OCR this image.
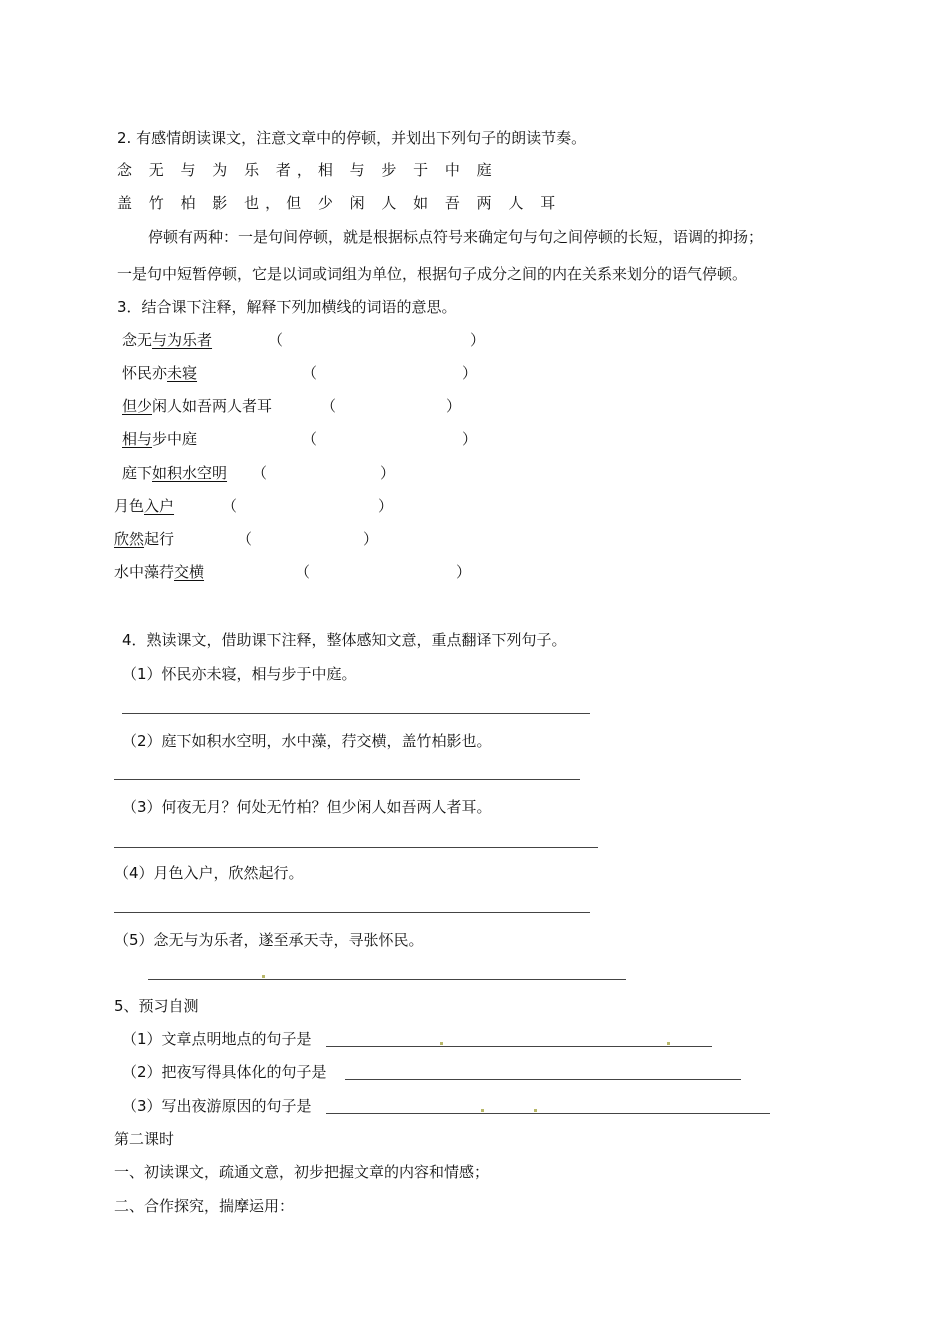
2. 有感情朗读课文，注意文章中的停顿，并划出下列句子的朗读节奏。
念 无 与 为 乐 者，相 与 步 于 中 庭
盖 竹 柏 影 也，但 少 闲 人 如 吾 两 人 耳
停顿有两种：一是句间停顿，就是根据标点符号来确定句与句之间停顿的长短，语调的抑扬；
一是句中短暂停顿，它是以词或词组为单位，根据句子成分之间的内在关系来划分的语气停顿。
3．结合课下注释，解释下列加横线的词语的意思。
念无与为乐者	（	）
怀民亦未寝	（	）
但少闲人如吾两人者耳	（	）
相与步中庭	（	）
庭下如积水空明 （	）
月色入户	（	）
欣然起行	（	）
水中藻荇交横	（	）
4．熟读课文，借助课下注释，整体感知文意，重点翻译下列句子。
（1）怀民亦未寝，相与步于中庭。
（2）庭下如积水空明，水中藻，荇交横，盖竹柏影也。
（3）何夜无月？何处无竹柏？但少闲人如吾两人者耳。
（4）月色入户，欣然起行。
（5）念无与为乐者，遂至承天寺，寻张怀民。
5、预习自测
（1）文章点明地点的句子是
（2）把夜写得具体化的句子是
（3）写出夜游原因的句子是
第二课时
一、初读课文，疏通文意，初步把握文章的内容和情感；
二、合作探究，揣摩运用：
